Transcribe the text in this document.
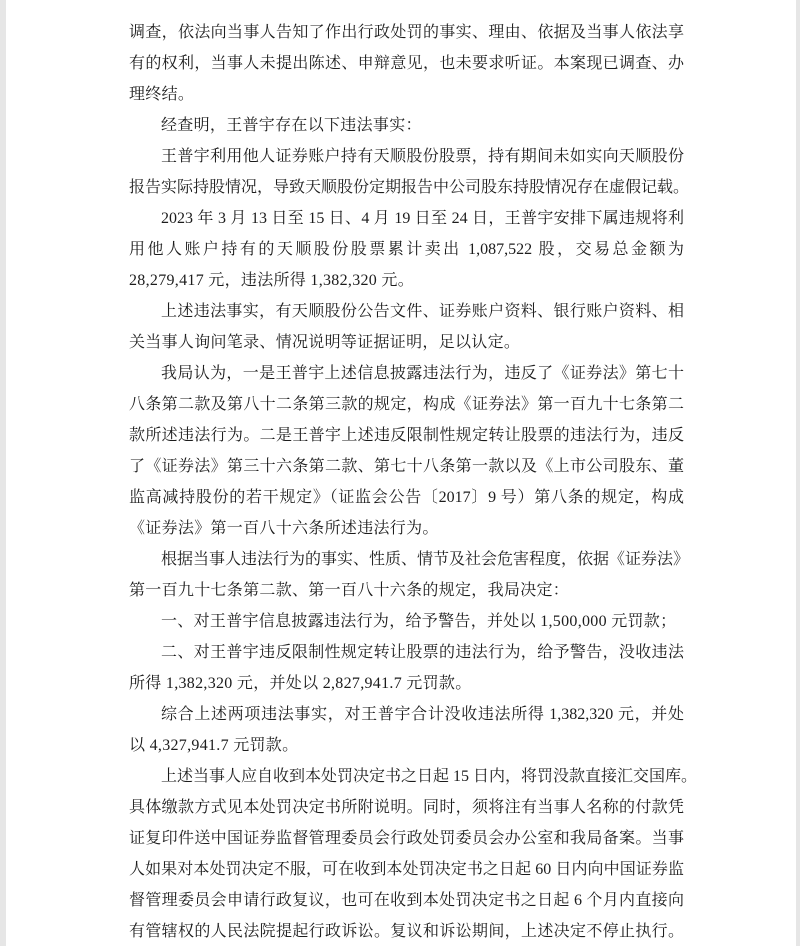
调查，依法向当事人告知了作出行政处罚的事实、理由、依据及当事人依法享
有的权利，当事人未提出陈述、申辩意见，也未要求听证。本案现已调查、办
理终结。
经查明，王普宇存在以下违法事实：
王普宇利用他人证券账户持有天顺股份股票，持有期间未如实向天顺股份
报告实际持股情况，导致天顺股份定期报告中公司股东持股情况存在虚假记载。
2023 年 3 月 13 日至 15 日、4 月 19 日至 24 日，王普宇安排下属违规将利
用他人账户持有的天顺股份股票累计卖出 1,087,522 股，交易总金额为
28,279,417 元，违法所得 1,382,320 元。
上述违法事实，有天顺股份公告文件、证券账户资料、银行账户资料、相
关当事人询问笔录、情况说明等证据证明，足以认定。
我局认为，一是王普宇上述信息披露违法行为，违反了《证券法》第七十
八条第二款及第八十二条第三款的规定，构成《证券法》第一百九十七条第二
款所述违法行为。二是王普宇上述违反限制性规定转让股票的违法行为，违反
了《证券法》第三十六条第二款、第七十八条第一款以及《上市公司股东、董
监高减持股份的若干规定》（证监会公告〔2017〕9 号）第八条的规定，构成
《证券法》第一百八十六条所述违法行为。
根据当事人违法行为的事实、性质、情节及社会危害程度，依据《证券法》
第一百九十七条第二款、第一百八十六条的规定，我局决定：
一、对王普宇信息披露违法行为，给予警告，并处以 1,500,000 元罚款；
二、对王普宇违反限制性规定转让股票的违法行为，给予警告，没收违法
所得 1,382,320 元，并处以 2,827,941.7 元罚款。
综合上述两项违法事实，对王普宇合计没收违法所得 1,382,320 元，并处
以 4,327,941.7 元罚款。
上述当事人应自收到本处罚决定书之日起 15 日内，将罚没款直接汇交国库。
具体缴款方式见本处罚决定书所附说明。同时，须将注有当事人名称的付款凭
证复印件送中国证券监督管理委员会行政处罚委员会办公室和我局备案。当事
人如果对本处罚决定不服，可在收到本处罚决定书之日起 60 日内向中国证券监
督管理委员会申请行政复议，也可在收到本处罚决定书之日起 6 个月内直接向
有管辖权的人民法院提起行政诉讼。复议和诉讼期间，上述决定不停止执行。
